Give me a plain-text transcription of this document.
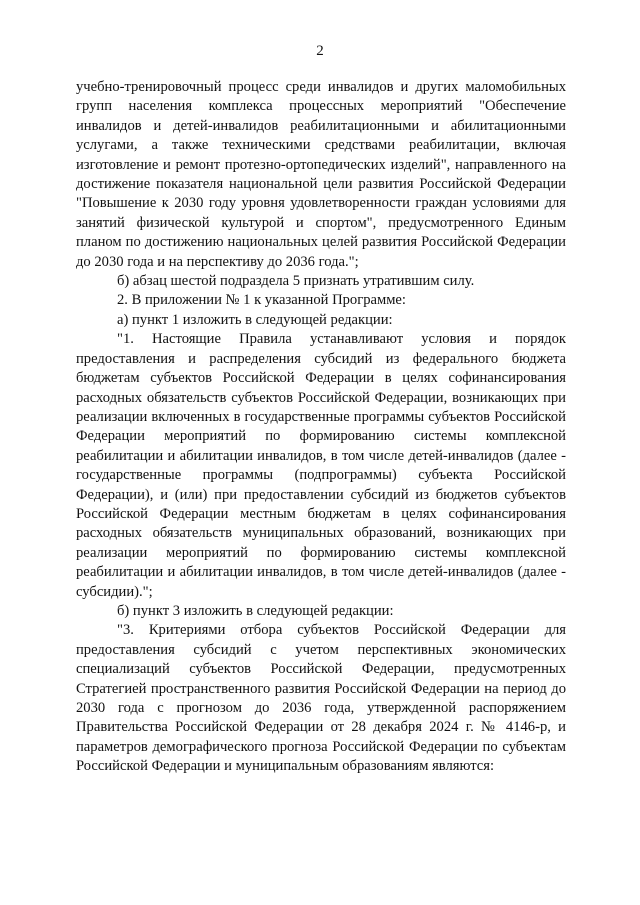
2

учебно-тренировочный процесс среди инвалидов и других маломобильных групп населения комплекса процессных мероприятий "Обеспечение инвалидов и детей-инвалидов реабилитационными и абилитационными услугами, а также техническими средствами реабилитации, включая изготовление и ремонт протезно-ортопедических изделий", направленного на достижение показателя национальной цели развития Российской Федерации "Повышение к 2030 году уровня удовлетворенности граждан условиями для занятий физической культурой и спортом", предусмотренного Единым планом по достижению национальных целей развития Российской Федерации до 2030 года и на перспективу до 2036 года.";

б) абзац шестой подраздела 5 признать утратившим силу.

2. В приложении № 1 к указанной Программе:

а) пункт 1 изложить в следующей редакции:

"1. Настоящие Правила устанавливают условия и порядок предоставления и распределения субсидий из федерального бюджета бюджетам субъектов Российской Федерации в целях софинансирования расходных обязательств субъектов Российской Федерации, возникающих при реализации включенных в государственные программы субъектов Российской Федерации мероприятий по формированию системы комплексной реабилитации и абилитации инвалидов, в том числе детей-инвалидов (далее - государственные программы (подпрограммы) субъекта Российской Федерации), и (или) при предоставлении субсидий из бюджетов субъектов Российской Федерации местным бюджетам в целях софинансирования расходных обязательств муниципальных образований, возникающих при реализации мероприятий по формированию системы комплексной реабилитации и абилитации инвалидов, в том числе детей-инвалидов (далее - субсидии).";

б) пункт 3 изложить в следующей редакции:

"3. Критериями отбора субъектов Российской Федерации для предоставления субсидий с учетом перспективных экономических специализаций субъектов Российской Федерации, предусмотренных Стратегией пространственного развития Российской Федерации на период до 2030 года с прогнозом до 2036 года, утвержденной распоряжением Правительства Российской Федерации от 28 декабря 2024 г. № 4146-р, и параметров демографического прогноза Российской Федерации по субъектам Российской Федерации и муниципальным образованиям являются:
